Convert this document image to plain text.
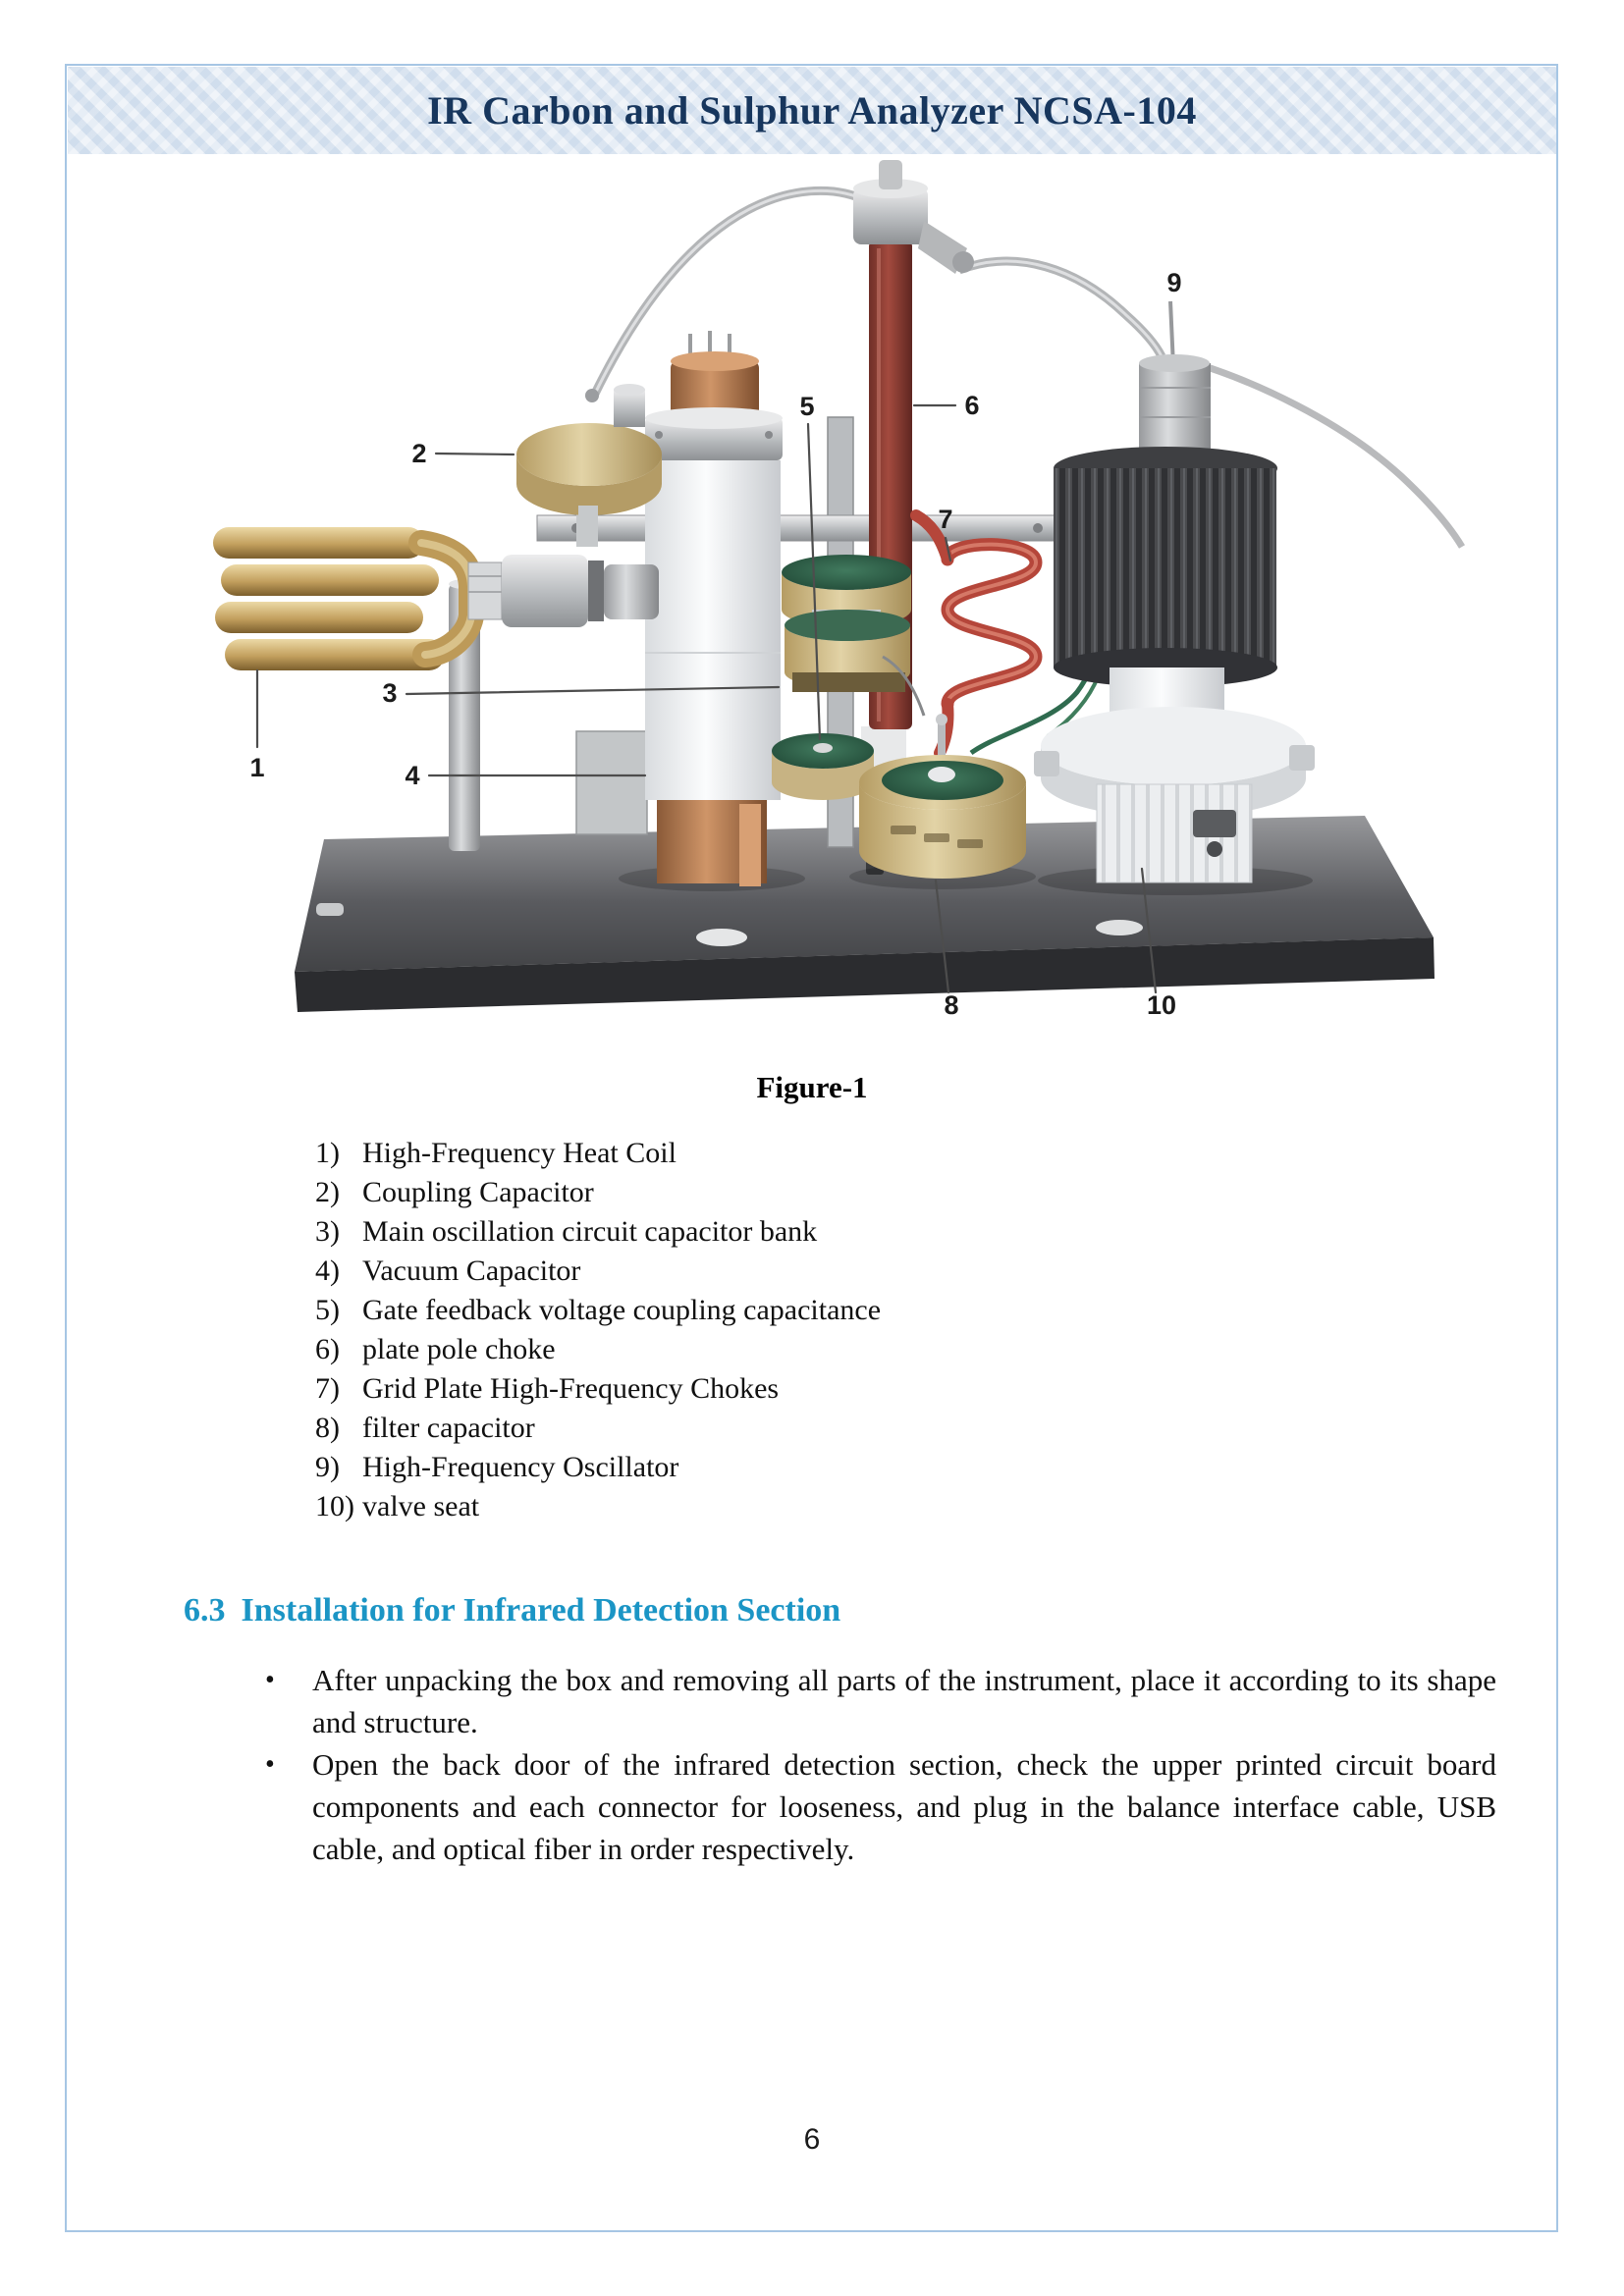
IR Carbon and Sulphur Analyzer NCSA-104
1
2
3
4
5	6
7
8
9
10
Figure-1
1) High-Frequency Heat Coil
2) Coupling Capacitor
3) Main oscillation circuit capacitor bank
4) Vacuum Capacitor
5) Gate feedback voltage coupling capacitance
6) plate pole choke
7) Grid Plate High-Frequency Chokes
8) filter capacitor
9) High-Frequency Oscillator
10) valve seat
6.3 Installation for Infrared Detection Section
•	After unpacking the box and removing all parts of the instrument, place it according to its shape and structure.
•	Open the back door of the infrared detection section, check the upper printed circuit board components and each connector for looseness, and plug in the balance interface cable, USB cable, and optical fiber in order respectively.
6
